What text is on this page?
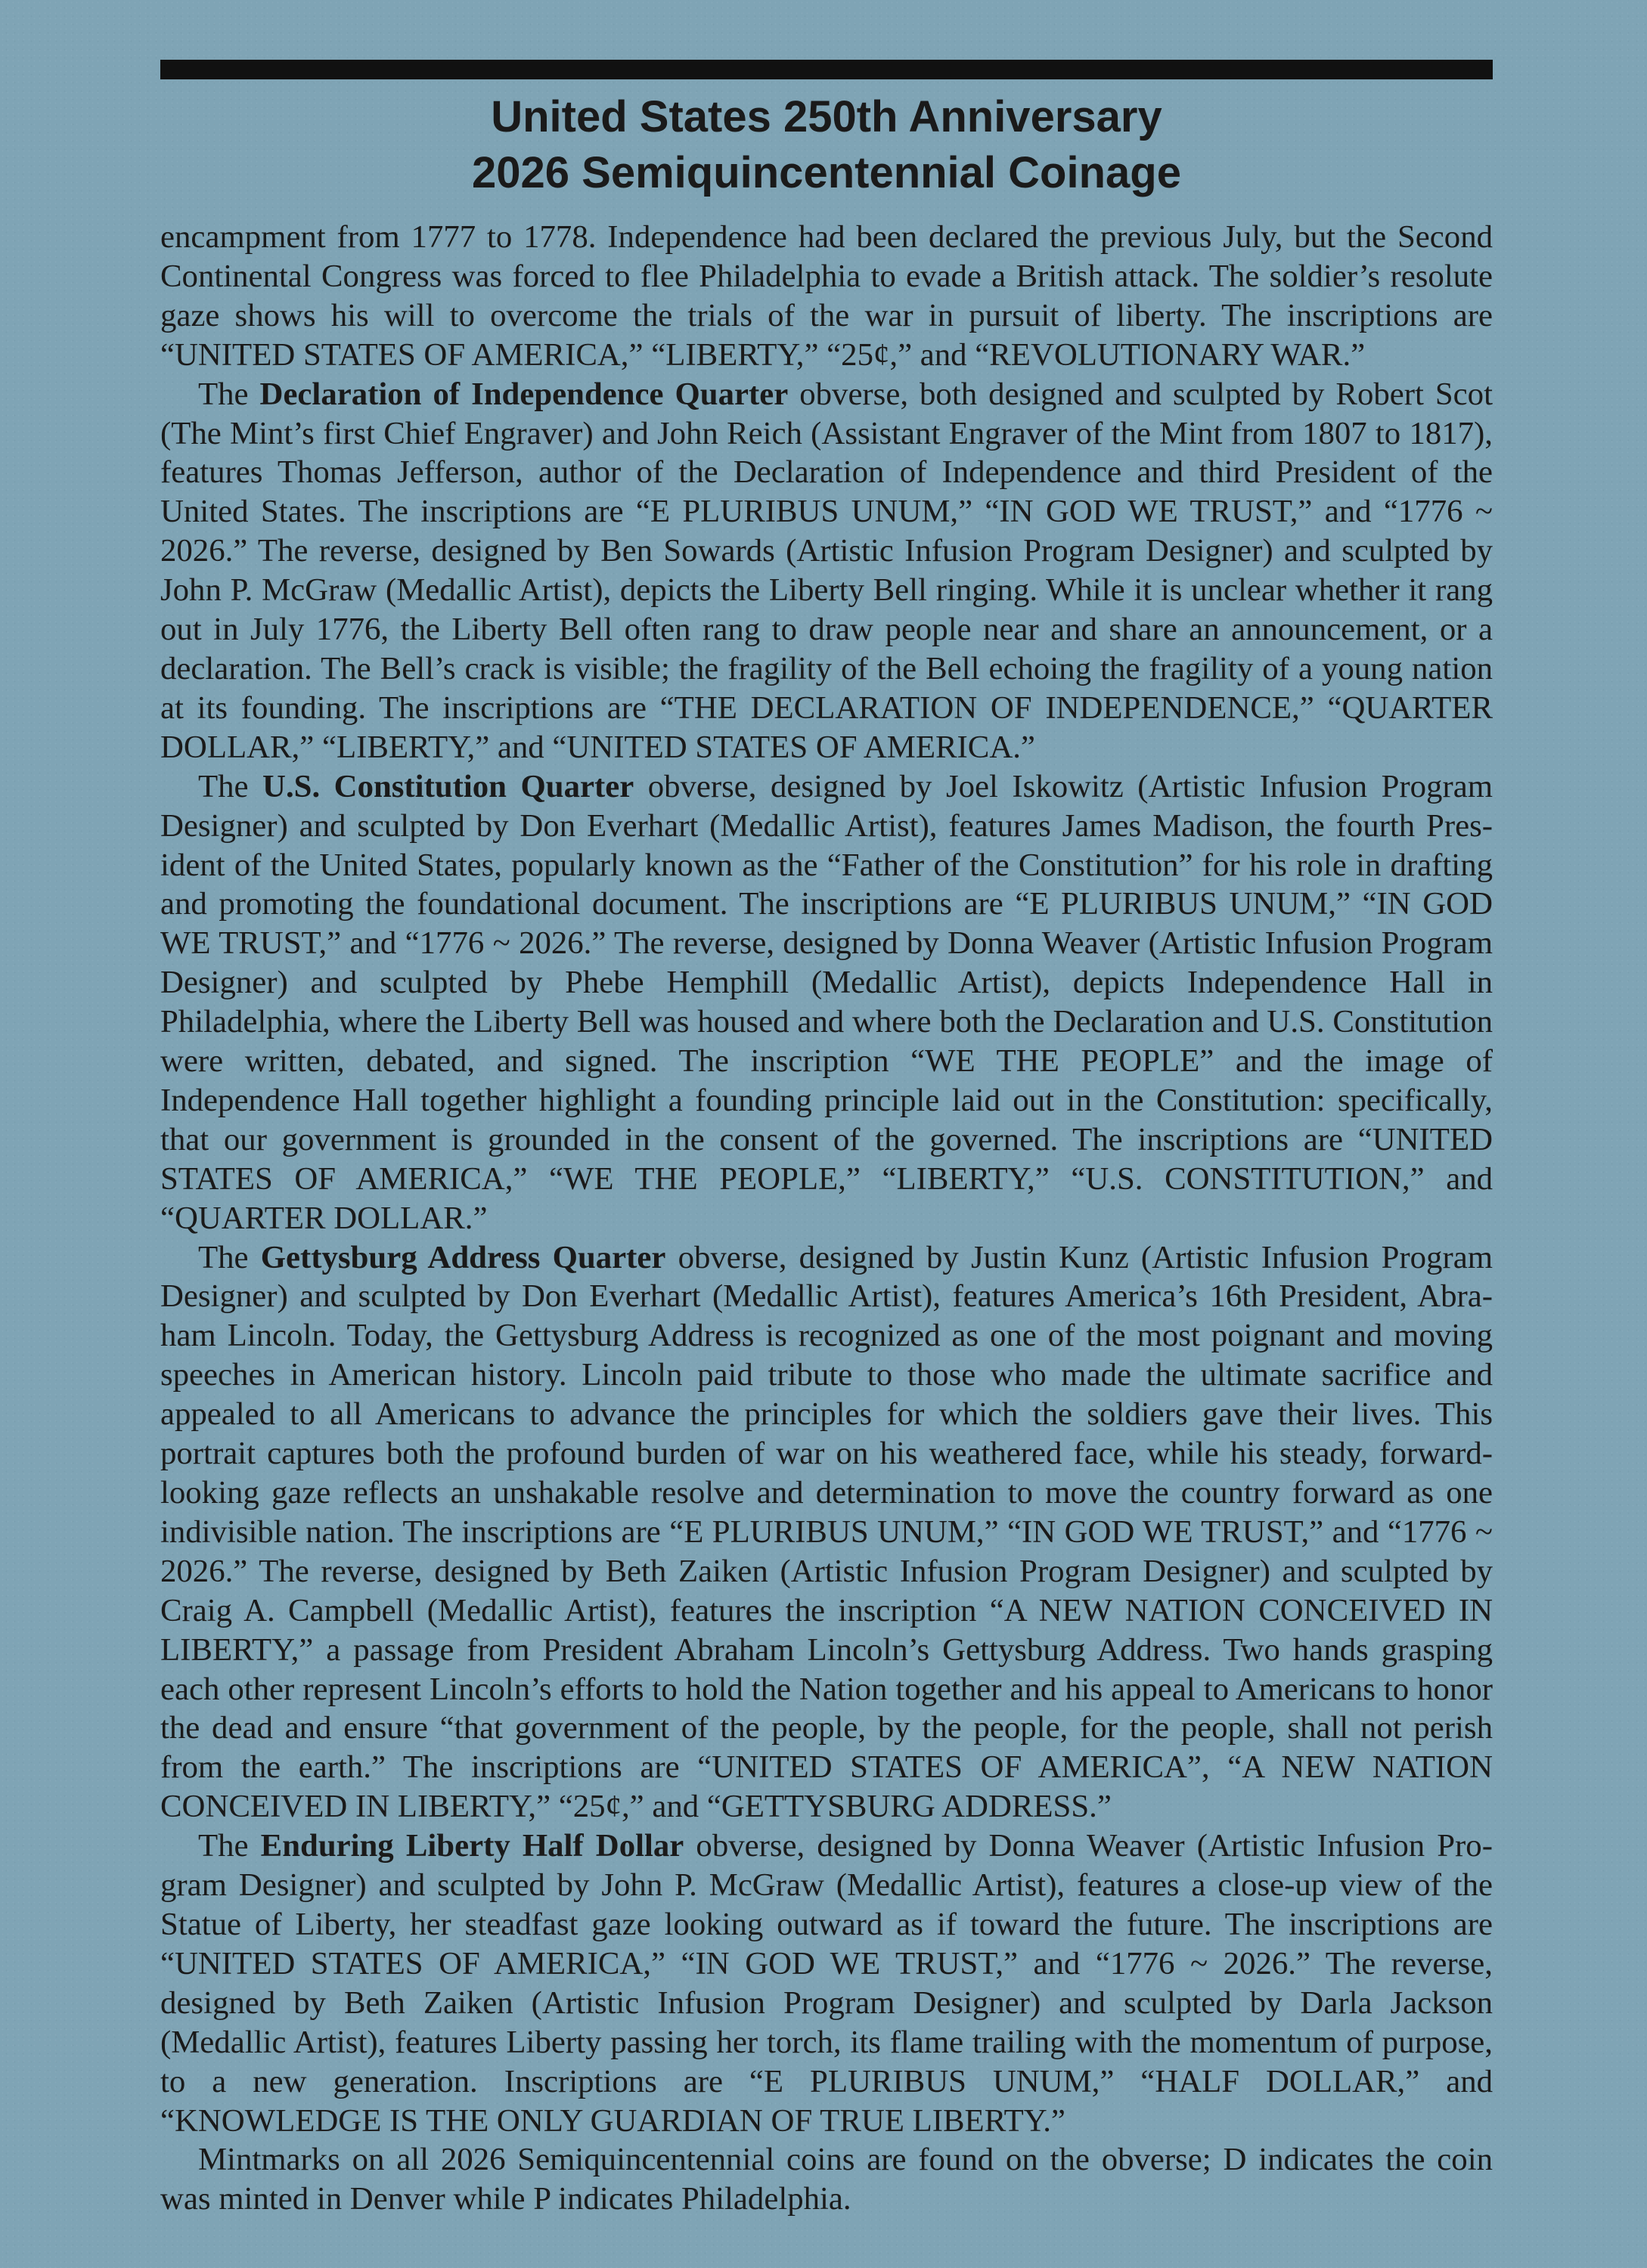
United States 250th Anniversary
2026 Semiquincentennial Coinage

encampment from 1777 to 1778. Independence had been declared the previous July, but the Second Continental Congress was forced to flee Philadelphia to evade a British attack. The soldier’s resolute gaze shows his will to overcome the trials of the war in pursuit of liberty. The inscriptions are “UNITED STATES OF AMERICA,” “LIBERTY,” “25¢,” and “REVOLUTIONARY WAR.”

The Declaration of Independence Quarter obverse, both designed and sculpted by Robert Scot (The Mint’s first Chief Engraver) and John Reich (Assistant Engraver of the Mint from 1807 to 1817), features Thomas Jefferson, author of the Declaration of Independence and third President of the United States. The inscriptions are “E PLURIBUS UNUM,” “IN GOD WE TRUST,” and “1776 ~ 2026.” The reverse, designed by Ben Sowards (Artistic Infusion Program Designer) and sculpted by John P. McGraw (Medallic Artist), depicts the Liberty Bell ringing. While it is unclear whether it rang out in July 1776, the Liberty Bell often rang to draw people near and share an announcement, or a declaration. The Bell’s crack is visible; the fragility of the Bell echoing the fragility of a young nation at its founding. The inscriptions are “THE DECLARATION OF INDEPENDENCE,” “QUARTER DOLLAR,” “LIBERTY,” and “UNITED STATES OF AMERICA.”

The U.S. Constitution Quarter obverse, designed by Joel Iskowitz (Artistic Infusion Program Designer) and sculpted by Don Everhart (Medallic Artist), features James Madison, the fourth President of the United States, popularly known as the “Father of the Constitution” for his role in drafting and promoting the foundational document. The inscriptions are “E PLURIBUS UNUM,” “IN GOD WE TRUST,” and “1776 ~ 2026.” The reverse, designed by Donna Weaver (Artistic Infusion Program Designer) and sculpted by Phebe Hemphill (Medallic Artist), depicts Independence Hall in Philadelphia, where the Liberty Bell was housed and where both the Declaration and U.S. Constitution were written, debated, and signed. The inscription “WE THE PEOPLE” and the image of Independence Hall together highlight a founding principle laid out in the Constitution: specifically, that our government is grounded in the consent of the governed. The inscriptions are “UNITED STATES OF AMERICA,” “WE THE PEOPLE,” “LIBERTY,” “U.S. CONSTITUTION,” and “QUARTER DOLLAR.”

The Gettysburg Address Quarter obverse, designed by Justin Kunz (Artistic Infusion Program Designer) and sculpted by Don Everhart (Medallic Artist), features America’s 16th President, Abraham Lincoln. Today, the Gettysburg Address is recognized as one of the most poignant and moving speeches in American history. Lincoln paid tribute to those who made the ultimate sacrifice and appealed to all Americans to advance the principles for which the soldiers gave their lives. This portrait captures both the profound burden of war on his weathered face, while his steady, forward-looking gaze reflects an unshakable resolve and determination to move the country forward as one indivisible nation. The inscriptions are “E PLURIBUS UNUM,” “IN GOD WE TRUST,” and “1776 ~ 2026.” The reverse, designed by Beth Zaiken (Artistic Infusion Program Designer) and sculpted by Craig A. Campbell (Medallic Artist), features the inscription “A NEW NATION CONCEIVED IN LIBERTY,” a passage from President Abraham Lincoln’s Gettysburg Address. Two hands grasping each other represent Lincoln’s efforts to hold the Nation together and his appeal to Americans to honor the dead and ensure “that government of the people, by the people, for the people, shall not perish from the earth.” The inscriptions are “UNITED STATES OF AMERICA”, “A NEW NATION CONCEIVED IN LIBERTY,” “25¢,” and “GETTYSBURG ADDRESS.”

The Enduring Liberty Half Dollar obverse, designed by Donna Weaver (Artistic Infusion Program Designer) and sculpted by John P. McGraw (Medallic Artist), features a close-up view of the Statue of Liberty, her steadfast gaze looking outward as if toward the future. The inscriptions are “UNITED STATES OF AMERICA,” “IN GOD WE TRUST,” and “1776 ~ 2026.” The reverse, designed by Beth Zaiken (Artistic Infusion Program Designer) and sculpted by Darla Jackson (Medallic Artist), features Liberty passing her torch, its flame trailing with the momentum of purpose, to a new generation. Inscriptions are “E PLURIBUS UNUM,” “HALF DOLLAR,” and “KNOWLEDGE IS THE ONLY GUARDIAN OF TRUE LIBERTY.”

Mintmarks on all 2026 Semiquincentennial coins are found on the obverse; D indicates the coin was minted in Denver while P indicates Philadelphia.
